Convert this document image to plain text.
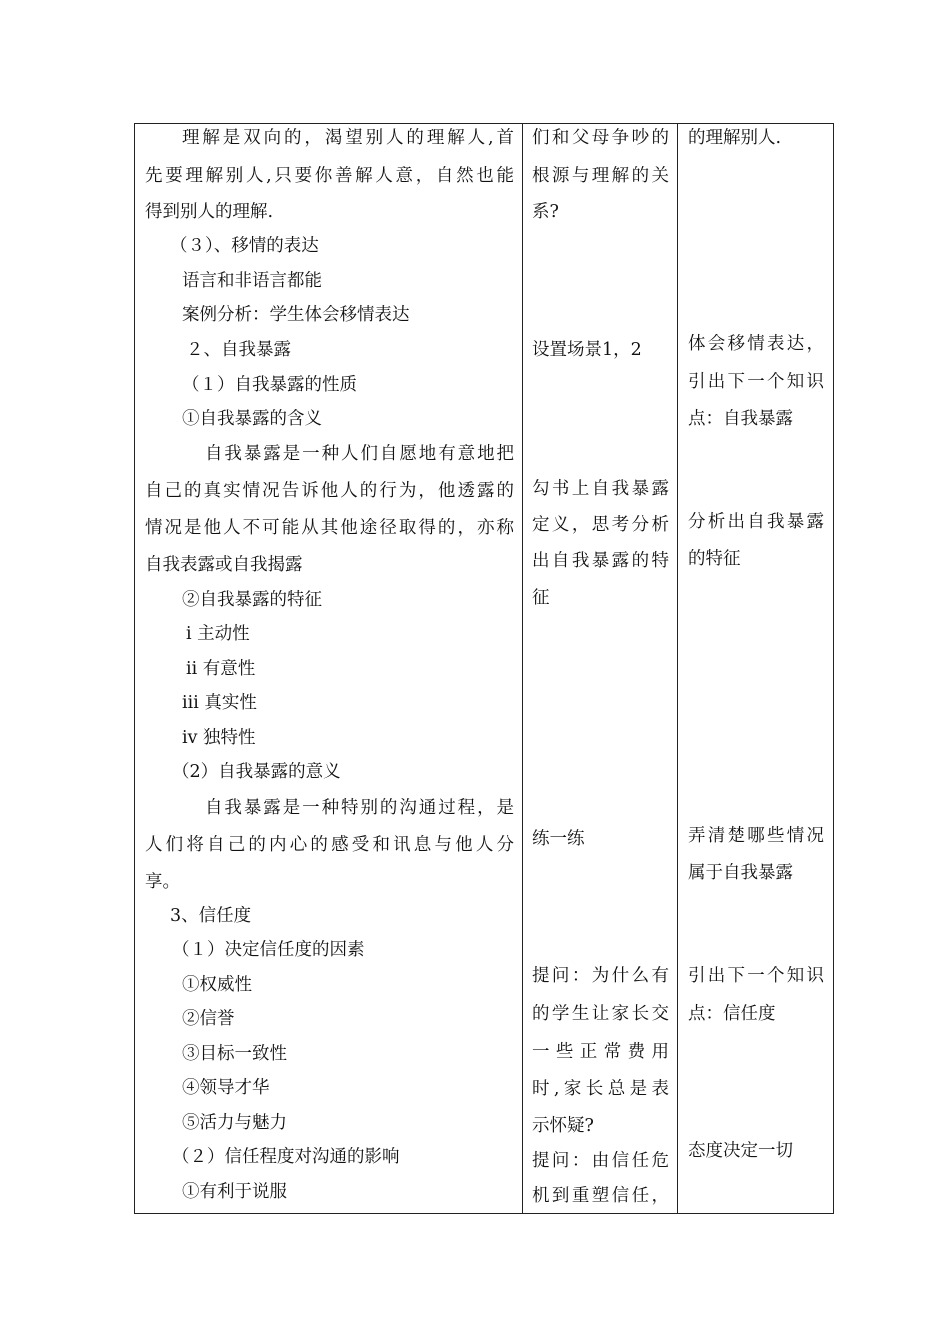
理解是双向的，渴望别人的理解人,首
先要理解别人,只要你善解人意，自然也能
得到别人的理解.
（３）、移情的表达
语言和非语言都能
案例分析：学生体会移情表达
２、自我暴露
（１）自我暴露的性质
①自我暴露的含义
自我暴露是一种人们自愿地有意地把
自己的真实情况告诉他人的行为，他透露的
情况是他人不可能从其他途径取得的，亦称
自我表露或自我揭露
②自我暴露的特征
ⅰ 主动性
ⅱ 有意性
ⅲ 真实性
ⅳ 独特性
（2）自我暴露的意义
自我暴露是一种特别的沟通过程，是
人们将自己的内心的感受和讯息与他人分
享。
3、信任度
（１）决定信任度的因素
①权威性
②信誉
③目标一致性
④领导才华
⑤活力与魅力
（２）信任程度对沟通的影响
①有利于说服
们和父母争吵的
根源与理解的关
系?
设置场景1，2
勾书上自我暴露
定义，思考分析
出自我暴露的特
征
练一练
提问：为什么有
的学生让家长交
一些正常费用
时,家长总是表
示怀疑?
提问：由信任危
机到重塑信任，
的理解别人.
体会移情表达，
引出下一个知识
点：自我暴露
分析出自我暴露
的特征
弄清楚哪些情况
属于自我暴露
引出下一个知识
点：信任度
态度决定一切
